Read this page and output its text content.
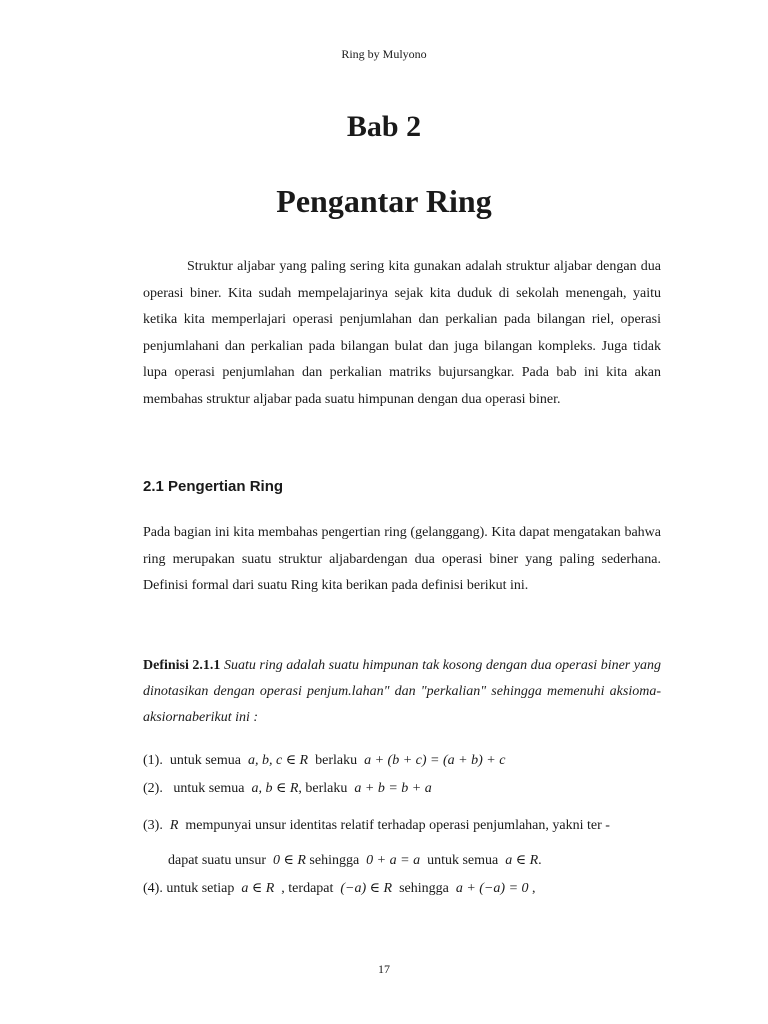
Ring by Mulyono
Bab 2
Pengantar Ring
Struktur aljabar yang paling sering kita gunakan adalah struktur aljabar dengan dua operasi biner. Kita sudah mempelajarinya sejak kita duduk di sekolah menengah, yaitu ketika kita memperlajari operasi penjumlahan dan perkalian pada bilangan riel, operasi penjumlahani dan perkalian pada bilangan bulat dan juga bilangan kompleks. Juga tidak lupa operasi penjumlahan dan perkalian matriks bujursangkar. Pada bab ini kita akan membahas struktur aljabar pada suatu himpunan dengan dua operasi biner.
2.1 Pengertian Ring
Pada bagian ini kita membahas pengertian ring (gelanggang). Kita dapat mengatakan bahwa ring merupakan suatu struktur aljabardengan dua operasi biner yang paling sederhana. Definisi formal dari suatu Ring kita berikan pada definisi berikut ini.
Definisi 2.1.1 Suatu ring adalah suatu himpunan tak kosong dengan dua operasi biner yang dinotasikan dengan operasi penjum.lahan" dan "perkalian" sehingga memenuhi aksioma-aksiornaberikut ini :
(1). untuk semua a, b, c ∈ R berlaku a + (b + c) = (a + b) + c
(2). untuk semua a, b ∈ R, berlaku a + b = b + a
(3). R mempunyai unsur identitas relatif terhadap operasi penjumlahan, yakni ter -
dapat suatu unsur 0 ∈ R sehingga 0 + a = a untuk semua a ∈ R.
(4). untuk setiap a ∈ R , terdapat (−a) ∈ R sehingga a + (−a) = 0 ,
17
